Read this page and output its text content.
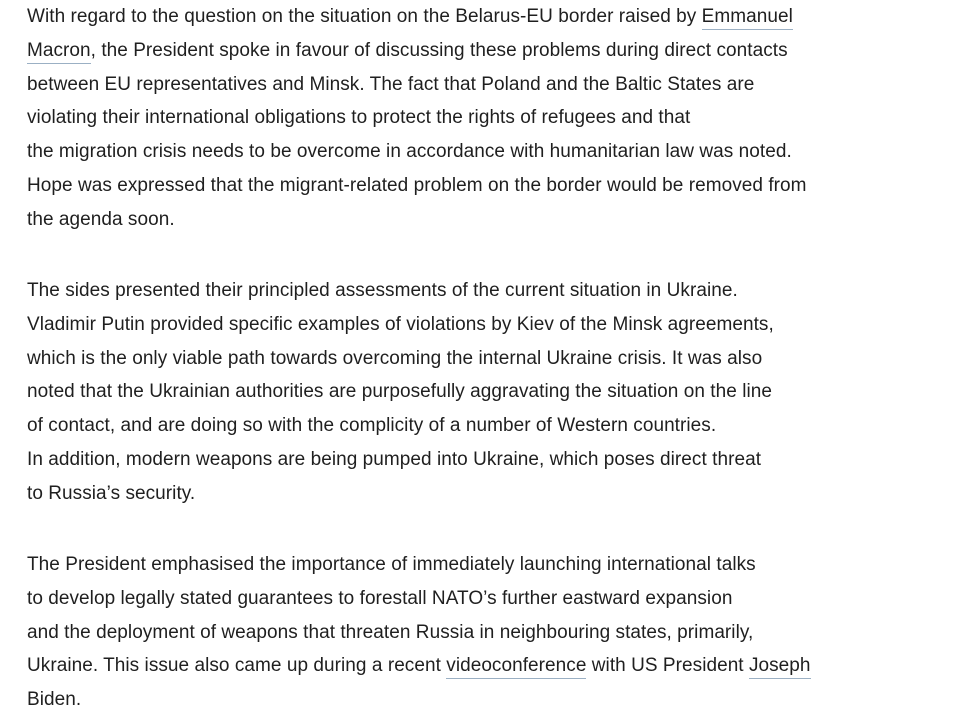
With regard to the question on the situation on the Belarus-EU border raised by Emmanuel
Macron, the President spoke in favour of discussing these problems during direct contacts
between EU representatives and Minsk. The fact that Poland and the Baltic States are
violating their international obligations to protect the rights of refugees and that
the migration crisis needs to be overcome in accordance with humanitarian law was noted.
Hope was expressed that the migrant-related problem on the border would be removed from
the agenda soon.
The sides presented their principled assessments of the current situation in Ukraine.
Vladimir Putin provided specific examples of violations by Kiev of the Minsk agreements,
which is the only viable path towards overcoming the internal Ukraine crisis. It was also
noted that the Ukrainian authorities are purposefully aggravating the situation on the line
of contact, and are doing so with the complicity of a number of Western countries.
In addition, modern weapons are being pumped into Ukraine, which poses direct threat
to Russia’s security.
The President emphasised the importance of immediately launching international talks
to develop legally stated guarantees to forestall NATO’s further eastward expansion
and the deployment of weapons that threaten Russia in neighbouring states, primarily,
Ukraine. This issue also came up during a recent videoconference with US President Joseph
Biden.
